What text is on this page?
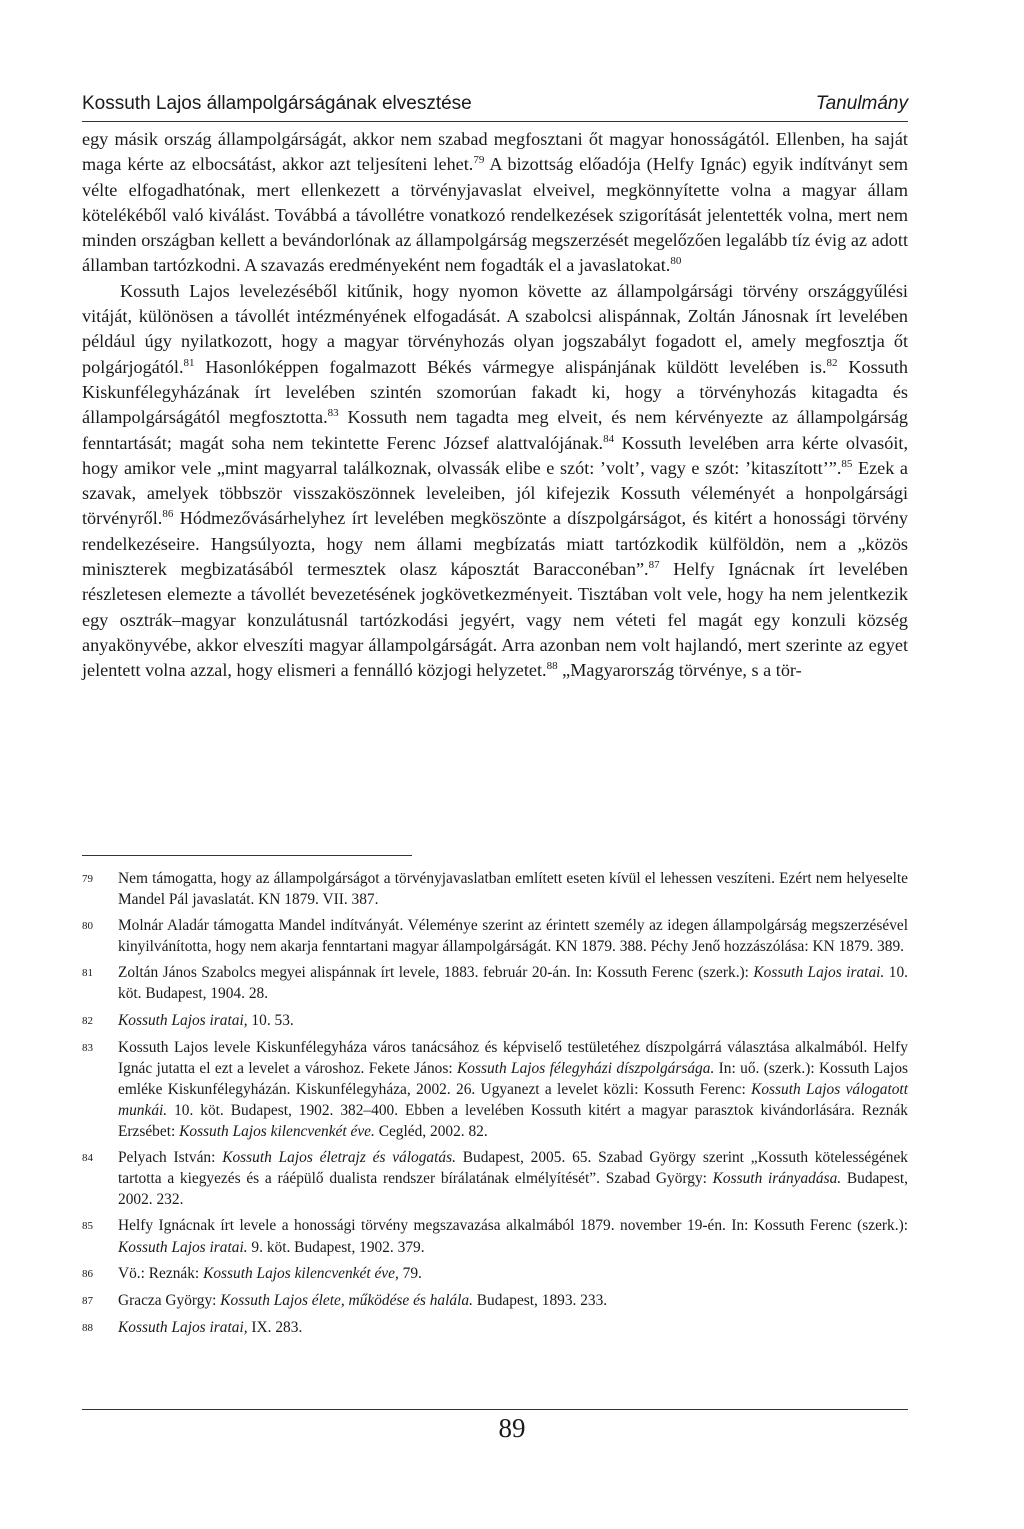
Kossuth Lajos állampolgárságának elvesztése	Tanulmány

egy másik ország állampolgárságát, akkor nem szabad megfosztani őt magyar honosságától. Ellenben, ha saját maga kérte az elbocsátást, akkor azt teljesíteni lehet.$^{79}$ A bizottság előadója (Helfy Ignác) egyik indítványt sem vélte elfogadhatónak, mert ellenkezett a törvényjavaslat elveivel, megkönnyítette volna a magyar állam kötelékéből való kiválást. Továbbá a távollétre vonatkozó rendelkezések szigorítását jelentették volna, mert nem minden országban kellett a bevándorlónak az állampolgárság megszerzését megelőzően legalább tíz évig az adott államban tartózkodni. A szavazás eredményeként nem fogadták el a javaslatokat.$^{80}$

Kossuth Lajos levelezéséből kitűnik, hogy nyomon követte az állampolgársági törvény országgyűlési vitáját, különösen a távollét intézményének elfogadását. A szabolcsi alispánnak, Zoltán Jánosnak írt levelében például úgy nyilatkozott, hogy a magyar törvényhozás olyan jogszabályt fogadott el, amely megfosztja őt polgárjogától.$^{81}$ Hasonlóképpen fogalmazott Békés vármegye alispánjának küldött levelében is.$^{82}$ Kossuth Kiskunfélegyházának írt levelében szintén szomorúan fakadt ki, hogy a törvényhozás kitagadta és állampolgárságától megfosztotta.$^{83}$ Kossuth nem tagadta meg elveit, és nem kérvényezte az állampolgárság fenntartását; magát soha nem tekintette Ferenc József alattvalójának.$^{84}$ Kossuth levelében arra kérte olvasóit, hogy amikor vele „mint magyarral találkoznak, olvassák elibe e szót: ’volt’, vagy e szót: ’kitaszított’”.$^{85}$ Ezek a szavak, amelyek többször visszaköszönnek leveleiben, jól kifejezik Kossuth véleményét a honpolgársági törvényről.$^{86}$ Hódmezővásárhelyhez írt levelében megköszönte a díszpolgárságot, és kitért a honossági törvény rendelkezéseire. Hangsúlyozta, hogy nem állami megbízatás miatt tartózkodik külföldön, nem a „közös miniszterek megbizatásából termesztek olasz káposztát Baracconéban”.$^{87}$ Helfy Ignácnak írt levelében részletesen elemezte a távollét bevezetésének jogkövetkezményeit. Tisztában volt vele, hogy ha nem jelentkezik egy osztrák–magyar konzulátusnál tartózkodási jegyért, vagy nem véteti fel magát egy konzuli község anyakönyvébe, akkor elveszíti magyar állampolgárságát. Arra azonban nem volt hajlandó, mert szerinte az egyet jelentett volna azzal, hogy elismeri a fennálló közjogi helyzetet.$^{88}$ „Magyarország törvénye, s a tör-

79	Nem támogatta, hogy az állampolgárságot a törvényjavaslatban említett eseten kívül el lehessen veszíteni. Ezért nem helyeselte Mandel Pál javaslatát. KN 1879. VII. 387.
80	Molnár Aladár támogatta Mandel indítványát. Véleménye szerint az érintett személy az idegen állampolgárság megszerzésével kinyilvánította, hogy nem akarja fenntartani magyar állampolgárságát. KN 1879. 388. Péchy Jenő hozzászólása: KN 1879. 389.
81	Zoltán János Szabolcs megyei alispánnak írt levele, 1883. február 20-án. In: Kossuth Ferenc (szerk.): Kossuth Lajos iratai. 10. köt. Budapest, 1904. 28.
82	Kossuth Lajos iratai, 10. 53.
83	Kossuth Lajos levele Kiskunfélegyháza város tanácsához és képviselő testületéhez díszpolgárrá választása alkalmából. Helfy Ignác jutatta el ezt a levelet a városhoz. Fekete János: Kossuth Lajos félegyházi díszpolgársága. In: uő. (szerk.): Kossuth Lajos emléke Kiskunfélegyházán. Kiskunfélegyháza, 2002. 26. Ugyanezt a levelet közli: Kossuth Ferenc: Kossuth Lajos válogatott munkái. 10. köt. Budapest, 1902. 382–400. Ebben a levelében Kossuth kitért a magyar parasztok kivándorlására. Reznák Erzsébet: Kossuth Lajos kilencvenkét éve. Cegléd, 2002. 82.
84	Pelyach István: Kossuth Lajos életrajz és válogatás. Budapest, 2005. 65. Szabad György szerint „Kossuth kötelességének tartotta a kiegyezés és a ráépülő dualista rendszer bírálatának elmélyítését”. Szabad György: Kossuth irányadása. Budapest, 2002. 232.
85	Helfy Ignácnak írt levele a honossági törvény megszavazása alkalmából 1879. november 19-én. In: Kossuth Ferenc (szerk.): Kossuth Lajos iratai. 9. köt. Budapest, 1902. 379.
86	Vö.: Reznák: Kossuth Lajos kilencvenkét éve, 79.
87	Gracza György: Kossuth Lajos élete, működése és halála. Budapest, 1893. 233.
88	Kossuth Lajos iratai, IX. 283.
89
